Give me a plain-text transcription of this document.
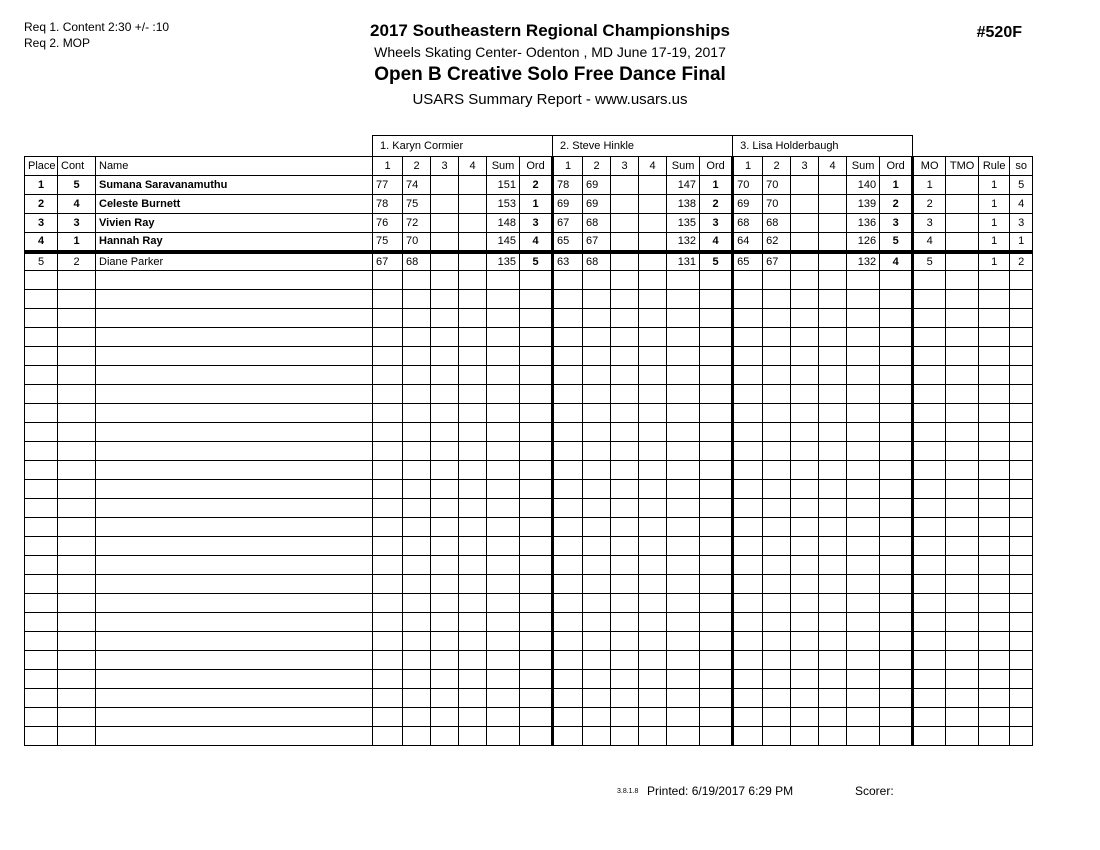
Req 1. Content 2:30 +/- :10
Req 2. MOP
2017 Southeastern Regional Championships
Wheels Skating Center- Odenton , MD June 17-19, 2017
Open B Creative Solo Free Dance Final
USARS Summary Report - www.usars.us
#520F
			1. Karyn Cormier						2. Steve Hinkle						3. Lisa Holderbaugh									
Place	Cont	Name	1	2	3	4	Sum	Ord	1	2	3	4	Sum	Ord	1	2	3	4	Sum	Ord	MO	TMO	Rule	so
1	5	Sumana Saravanamuthu	77	74			151	2	78	69			147	1	70	70			140	1	1		1	5
2	4	Celeste Burnett	78	75			153	1	69	69			138	2	69	70			139	2	2		1	4
3	3	Vivien Ray	76	72			148	3	67	68			135	3	68	68			136	3	3		1	3
4	1	Hannah Ray	75	70			145	4	65	67			132	4	64	62			126	5	4		1	1
5	2	Diane Parker	67	68			135	5	63	68			131	5	65	67			132	4	5		1	2

3.8.1.8 Printed: 6/19/2017 6:29 PM	Scorer:
